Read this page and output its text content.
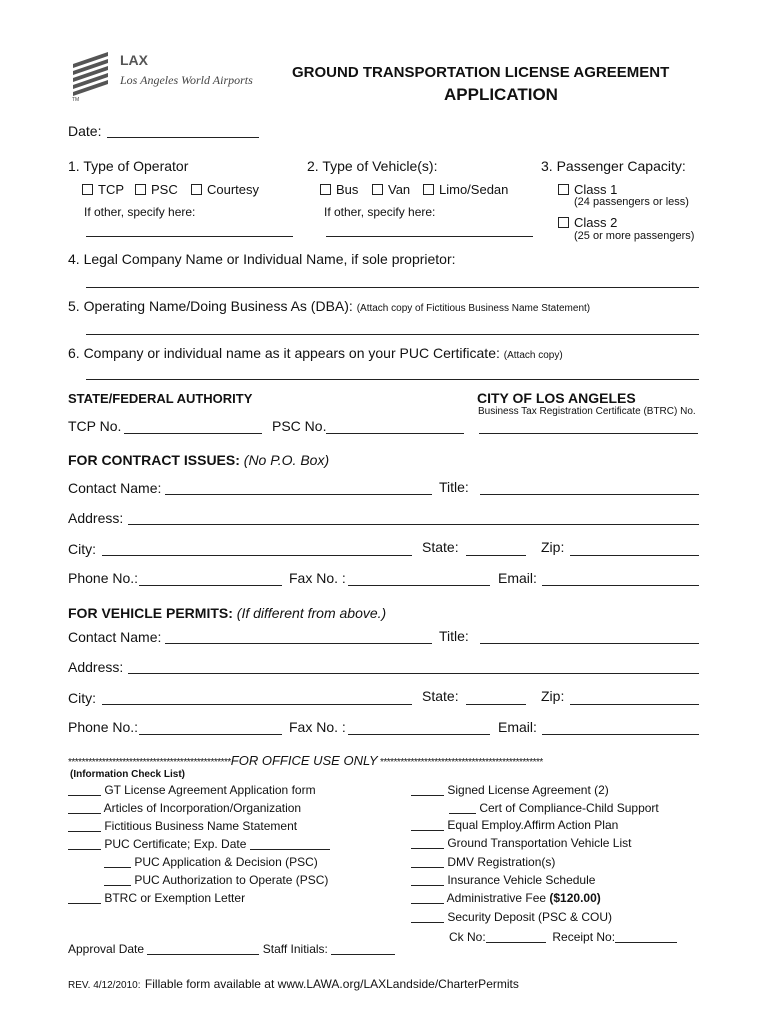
LAX
Los Angeles World Airports
TM
GROUND TRANSPORTATION LICENSE AGREEMENT
APPLICATION
Date:
1. Type of Operator
TCP	PSC	Courtesy
If other, specify here:
2. Type of Vehicle(s):
Bus	Van	Limo/Sedan
If other, specify here:
3. Passenger Capacity:
Class 1
(24 passengers or less)
Class 2
(25 or more passengers)
4. Legal Company Name or Individual Name, if sole proprietor:
5. Operating Name/Doing Business As (DBA): (Attach copy of Fictitious Business Name Statement)
6. Company or individual name as it appears on your PUC Certificate: (Attach copy)
STATE/FEDERAL AUTHORITY
TCP No.	PSC No.
CITY OF LOS ANGELES
Business Tax Registration Certificate (BTRC) No.
FOR CONTRACT ISSUES: (No P.O. Box)
Contact Name:	Title:
Address:
City:	State:	Zip:
Phone No.:	Fax No. :	Email:
FOR VEHICLE PERMITS: (If different from above.)
Contact Name:	Title:
Address:
City:	State:	Zip:
Phone No.:	Fax No. :	Email:
************************************************FOR OFFICE USE ONLY ************************************************
(Information Check List)
GT License Agreement Application form
Articles of Incorporation/Organization
Fictitious Business Name Statement
PUC Certificate; Exp. Date
PUC Application & Decision (PSC)
PUC Authorization to Operate (PSC)
BTRC or Exemption Letter
Signed License Agreement (2)
Cert of Compliance-Child Support
Equal Employ.Affirm Action Plan
Ground Transportation Vehicle List
DMV Registration(s)
Insurance Vehicle Schedule
Administrative Fee ($120.00)
Security Deposit (PSC & COU)
Ck No:	Receipt No:
Approval Date	Staff Initials:
REV. 4/12/2010: Fillable form available at www.LAWA.org/LAXLandside/CharterPermits
